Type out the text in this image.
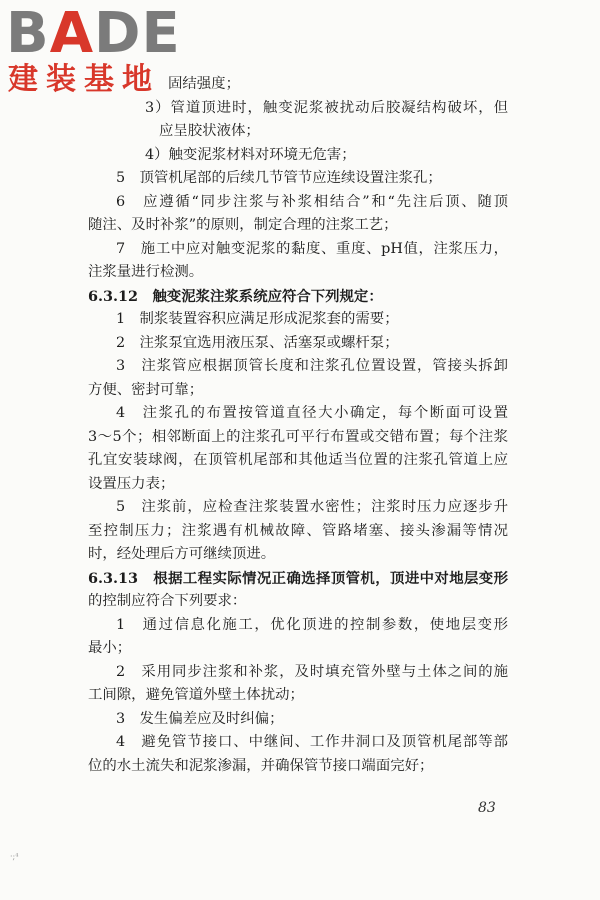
BADE
建装基地 固结强度；
3）管道顶进时，触变泥浆被扰动后胶凝结构破坏，但
应呈胶状液体；
4）触变泥浆材料对环境无危害；
5　顶管机尾部的后续几节管节应连续设置注浆孔；
6　应遵循“同步注浆与补浆相结合”和“先注后顶、随顶
随注、及时补浆”的原则，制定合理的注浆工艺；
7　施工中应对触变泥浆的黏度、重度、pH值，注浆压力，
注浆量进行检测。
6.3.12　触变泥浆注浆系统应符合下列规定：
1　制浆装置容积应满足形成泥浆套的需要；
2　注浆泵宜选用液压泵、活塞泵或螺杆泵；
3　注浆管应根据顶管长度和注浆孔位置设置，管接头拆卸
方便、密封可靠；
4　注浆孔的布置按管道直径大小确定，每个断面可设置
3～5个；相邻断面上的注浆孔可平行布置或交错布置；每个注浆
孔宜安装球阀，在顶管机尾部和其他适当位置的注浆孔管道上应
设置压力表；
5　注浆前，应检查注浆装置水密性；注浆时压力应逐步升
至控制压力；注浆遇有机械故障、管路堵塞、接头渗漏等情况
时，经处理后方可继续顶进。
6.3.13　根据工程实际情况正确选择顶管机，顶进中对地层变形
的控制应符合下列要求：
1　通过信息化施工，优化顶进的控制参数，使地层变形
最小；
2　采用同步注浆和补浆，及时填充管外壁与土体之间的施
工间隙，避免管道外壁土体扰动；
3　发生偏差应及时纠偏；
4　避免管节接口、中继间、工作井洞口及顶管机尾部等部
位的水土流失和泥浆渗漏，并确保管节接口端面完好；
83
·;⁴
